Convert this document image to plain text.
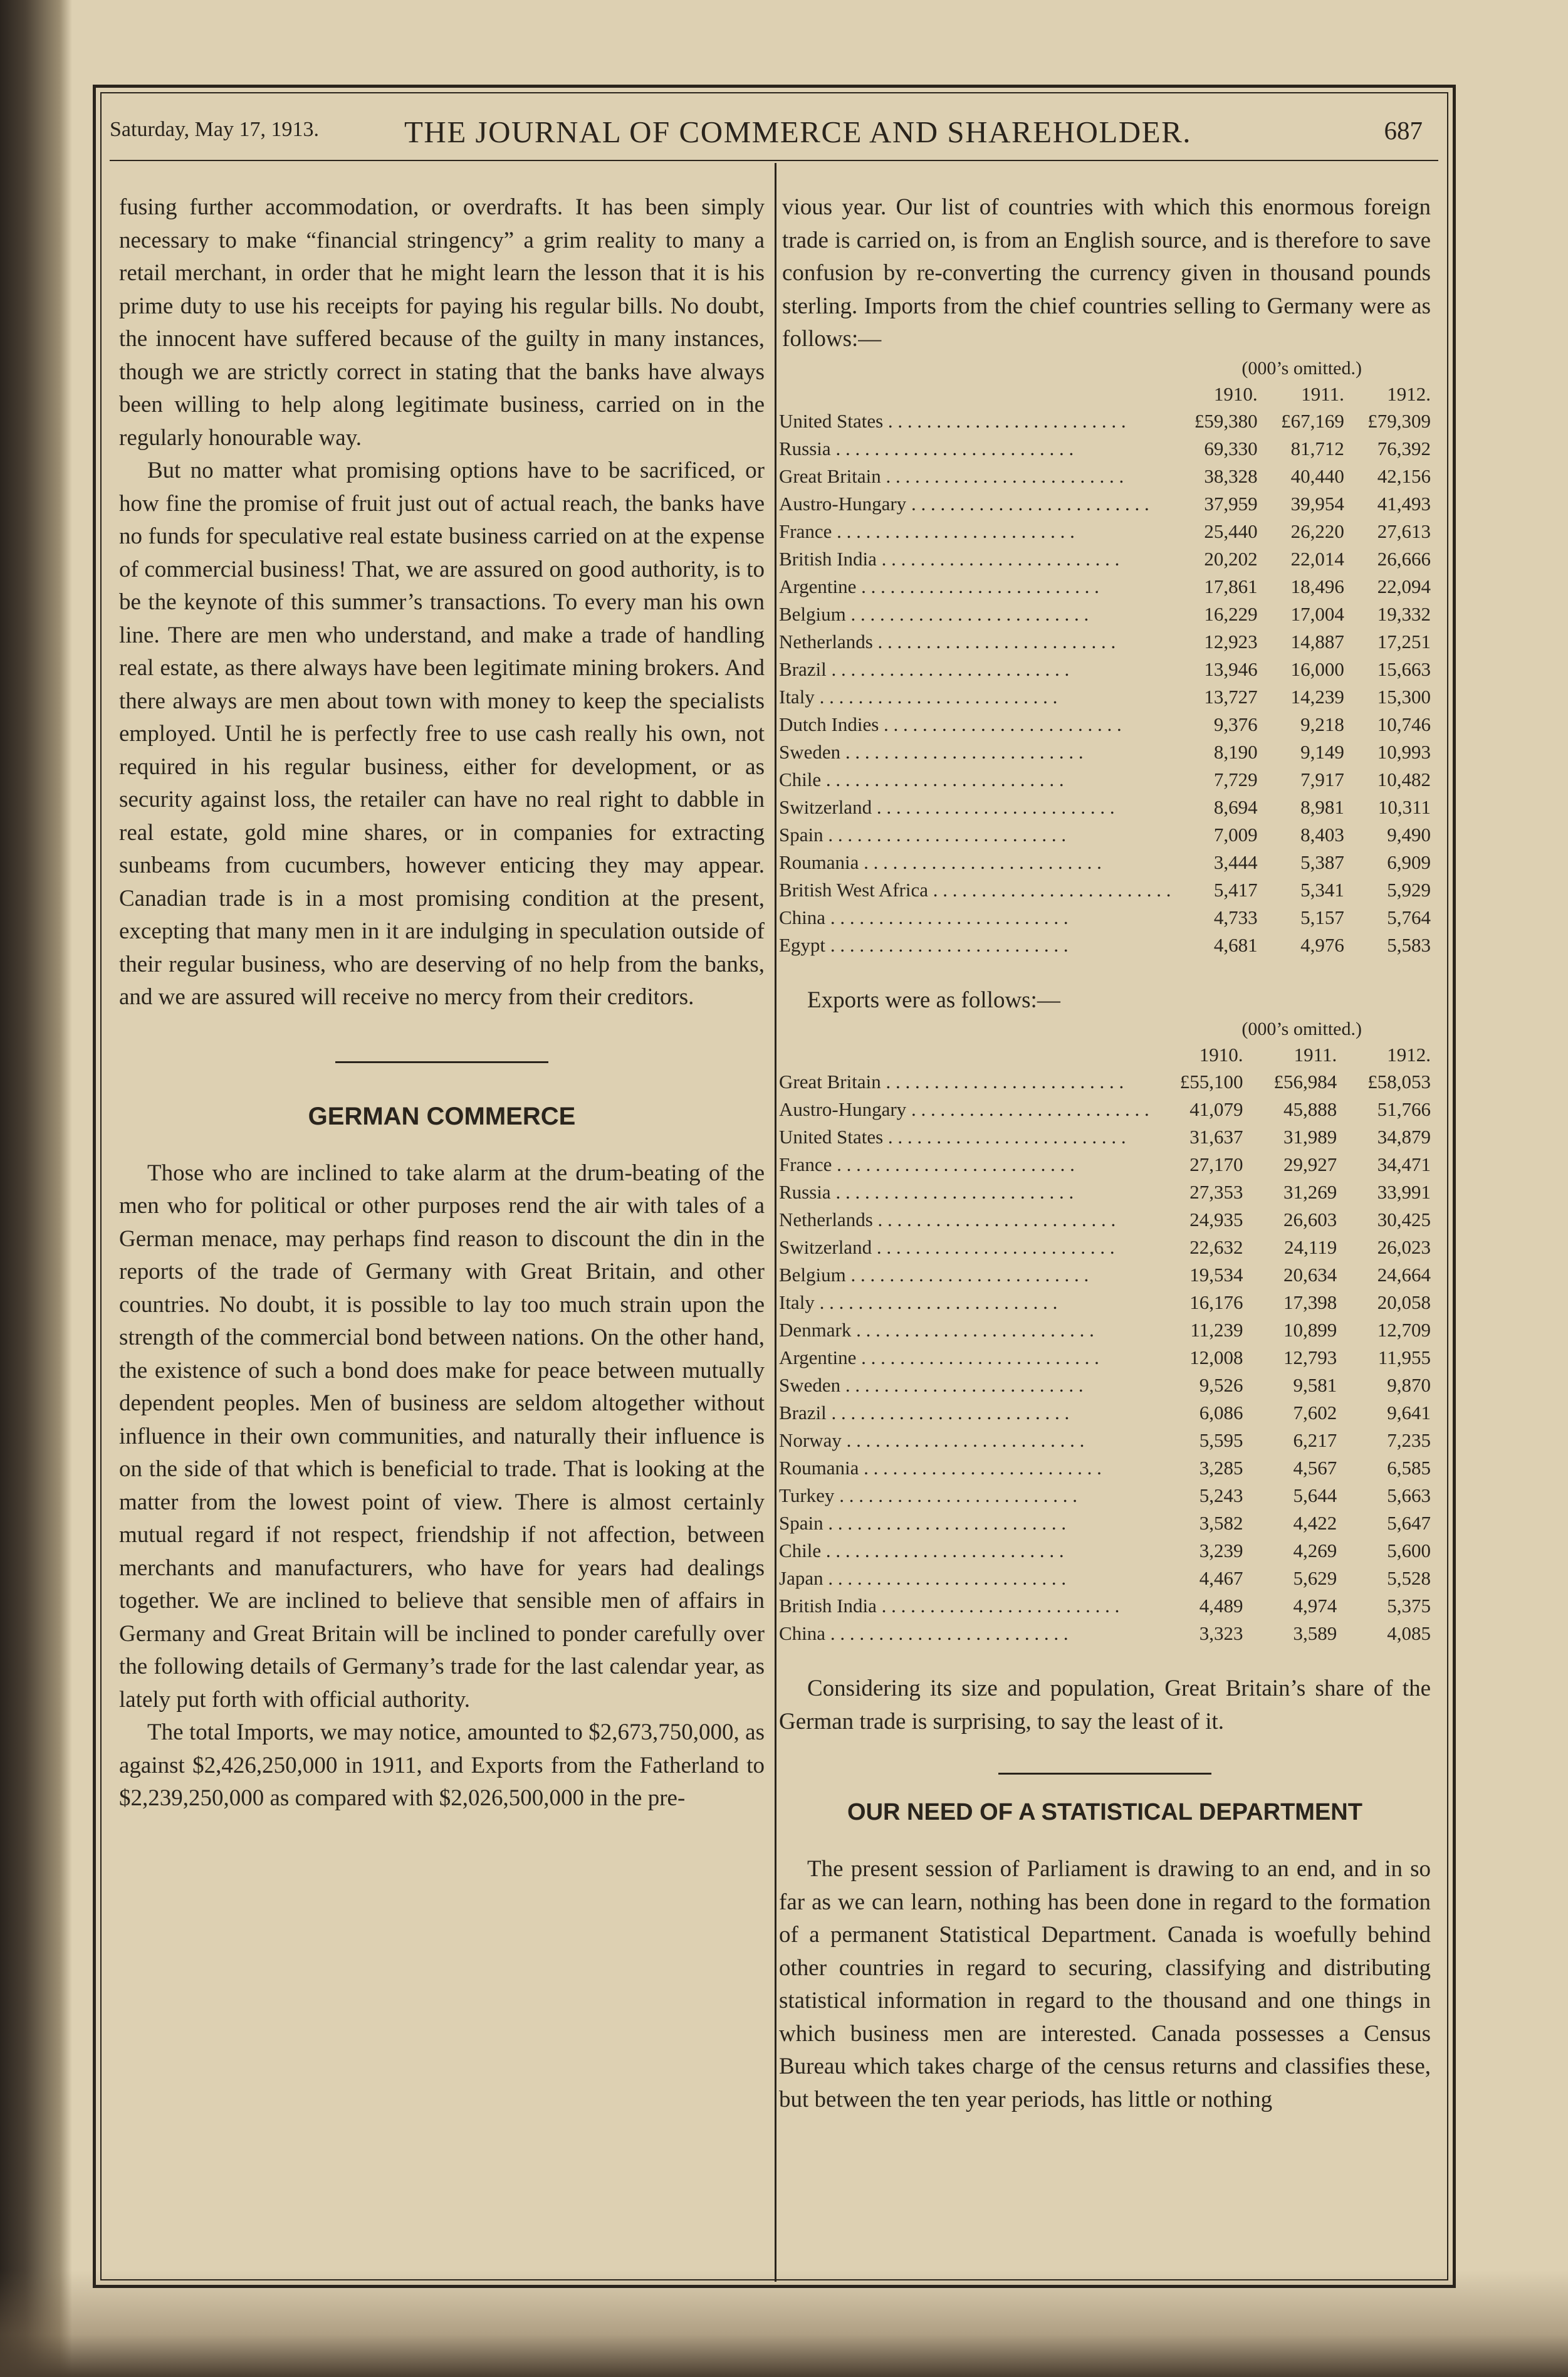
Saturday, May 17, 1913.	THE JOURNAL OF COMMERCE AND SHAREHOLDER.	687

fusing further accommodation, or overdrafts. It has been simply necessary to make “financial stringency” a grim reality to many a retail merchant, in order that he might learn the lesson that it is his prime duty to use his receipts for paying his regular bills. No doubt, the innocent have suffered because of the guilty in many instances, though we are strictly correct in stating that the banks have always been willing to help along legitimate business, carried on in the regularly honourable way.

But no matter what promising options have to be sacrificed, or how fine the promise of fruit just out of actual reach, the banks have no funds for speculative real estate business carried on at the expense of commercial business! That, we are assured on good authority, is to be the keynote of this summer’s transactions. To every man his own line. There are men who understand, and make a trade of handling real estate, as there always have been legitimate mining brokers. And there always are men about town with money to keep the specialists employed. Until he is perfectly free to use cash really his own, not required in his regular business, either for development, or as security against loss, the retailer can have no real right to dabble in real estate, gold mine shares, or in companies for extracting sunbeams from cucumbers, however enticing they may appear. Canadian trade is in a most promising condition at the present, excepting that many men in it are indulging in speculation outside of their regular business, who are deserving of no help from the banks, and we are assured will receive no mercy from their creditors.

GERMAN COMMERCE

Those who are inclined to take alarm at the drum-beating of the men who for political or other purposes rend the air with tales of a German menace, may perhaps find reason to discount the din in the reports of the trade of Germany with Great Britain, and other countries. No doubt, it is possible to lay too much strain upon the strength of the commercial bond between nations. On the other hand, the existence of such a bond does make for peace between mutually dependent peoples. Men of business are seldom altogether without influence in their own communities, and naturally their influence is on the side of that which is beneficial to trade. That is looking at the matter from the lowest point of view. There is almost certainly mutual regard if not respect, friendship if not affection, between merchants and manufacturers, who have for years had dealings together. We are inclined to believe that sensible men of affairs in Germany and Great Britain will be inclined to ponder carefully over the following details of Germany’s trade for the last calendar year, as lately put forth with official authority.

The total Imports, we may notice, amounted to $2,673,750,000, as against $2,426,250,000 in 1911, and Exports from the Fatherland to $2,239,250,000 as compared with $2,026,500,000 in the pre-

vious year. Our list of countries with which this enormous foreign trade is carried on, is from an English source, and is therefore to save confusion by re-converting the currency given in thousand pounds sterling. Imports from the chief countries selling to Germany were as follows:—

(000’s omitted.)
	1910.	1911.	1912.
United States . . . . . . . . . . . . . . . . . . . . . . . . .	£59,380	£67,169	£79,309
Russia . . . . . . . . . . . . . . . . . . . . . . . . .	69,330	81,712	76,392
Great Britain . . . . . . . . . . . . . . . . . . . . . . . . .	38,328	40,440	42,156
Austro-Hungary . . . . . . . . . . . . . . . . . . . . . . . . .	37,959	39,954	41,493
France . . . . . . . . . . . . . . . . . . . . . . . . .	25,440	26,220	27,613
British India . . . . . . . . . . . . . . . . . . . . . . . . .	20,202	22,014	26,666
Argentine . . . . . . . . . . . . . . . . . . . . . . . . .	17,861	18,496	22,094
Belgium . . . . . . . . . . . . . . . . . . . . . . . . .	16,229	17,004	19,332
Netherlands . . . . . . . . . . . . . . . . . . . . . . . . .	12,923	14,887	17,251
Brazil . . . . . . . . . . . . . . . . . . . . . . . . .	13,946	16,000	15,663
Italy . . . . . . . . . . . . . . . . . . . . . . . . .	13,727	14,239	15,300
Dutch Indies . . . . . . . . . . . . . . . . . . . . . . . . .	9,376	9,218	10,746
Sweden . . . . . . . . . . . . . . . . . . . . . . . . .	8,190	9,149	10,993
Chile . . . . . . . . . . . . . . . . . . . . . . . . .	7,729	7,917	10,482
Switzerland . . . . . . . . . . . . . . . . . . . . . . . . .	8,694	8,981	10,311
Spain . . . . . . . . . . . . . . . . . . . . . . . . .	7,009	8,403	9,490
Roumania . . . . . . . . . . . . . . . . . . . . . . . . .	3,444	5,387	6,909
British West Africa . . . . . . . . . . . . . . . . . . . . . . . . .	5,417	5,341	5,929
China . . . . . . . . . . . . . . . . . . . . . . . . .	4,733	5,157	5,764
Egypt . . . . . . . . . . . . . . . . . . . . . . . . .	4,681	4,976	5,583

Exports were as follows:—

(000’s omitted.)
	1910.	1911.	1912.
Great Britain . . . . . . . . . . . . . . . . . . . . . . . . .	£55,100	£56,984	£58,053
Austro-Hungary . . . . . . . . . . . . . . . . . . . . . . . . .	41,079	45,888	51,766
United States . . . . . . . . . . . . . . . . . . . . . . . . .	31,637	31,989	34,879
France . . . . . . . . . . . . . . . . . . . . . . . . .	27,170	29,927	34,471
Russia . . . . . . . . . . . . . . . . . . . . . . . . .	27,353	31,269	33,991
Netherlands . . . . . . . . . . . . . . . . . . . . . . . . .	24,935	26,603	30,425
Switzerland . . . . . . . . . . . . . . . . . . . . . . . . .	22,632	24,119	26,023
Belgium . . . . . . . . . . . . . . . . . . . . . . . . .	19,534	20,634	24,664
Italy . . . . . . . . . . . . . . . . . . . . . . . . .	16,176	17,398	20,058
Denmark . . . . . . . . . . . . . . . . . . . . . . . . .	11,239	10,899	12,709
Argentine . . . . . . . . . . . . . . . . . . . . . . . . .	12,008	12,793	11,955
Sweden . . . . . . . . . . . . . . . . . . . . . . . . .	9,526	9,581	9,870
Brazil . . . . . . . . . . . . . . . . . . . . . . . . .	6,086	7,602	9,641
Norway . . . . . . . . . . . . . . . . . . . . . . . . .	5,595	6,217	7,235
Roumania . . . . . . . . . . . . . . . . . . . . . . . . .	3,285	4,567	6,585
Turkey . . . . . . . . . . . . . . . . . . . . . . . . .	5,243	5,644	5,663
Spain . . . . . . . . . . . . . . . . . . . . . . . . .	3,582	4,422	5,647
Chile . . . . . . . . . . . . . . . . . . . . . . . . .	3,239	4,269	5,600
Japan . . . . . . . . . . . . . . . . . . . . . . . . .	4,467	5,629	5,528
British India . . . . . . . . . . . . . . . . . . . . . . . . .	4,489	4,974	5,375
China . . . . . . . . . . . . . . . . . . . . . . . . .	3,323	3,589	4,085

Considering its size and population, Great Britain’s share of the German trade is surprising, to say the least of it.

OUR NEED OF A STATISTICAL DEPARTMENT

The present session of Parliament is drawing to an end, and in so far as we can learn, nothing has been done in regard to the formation of a permanent Statistical Department. Canada is woefully behind other countries in regard to securing, classifying and distributing statistical information in regard to the thousand and one things in which business men are interested. Canada possesses a Census Bureau which takes charge of the census returns and classifies these, but between the ten year periods, has little or nothing
